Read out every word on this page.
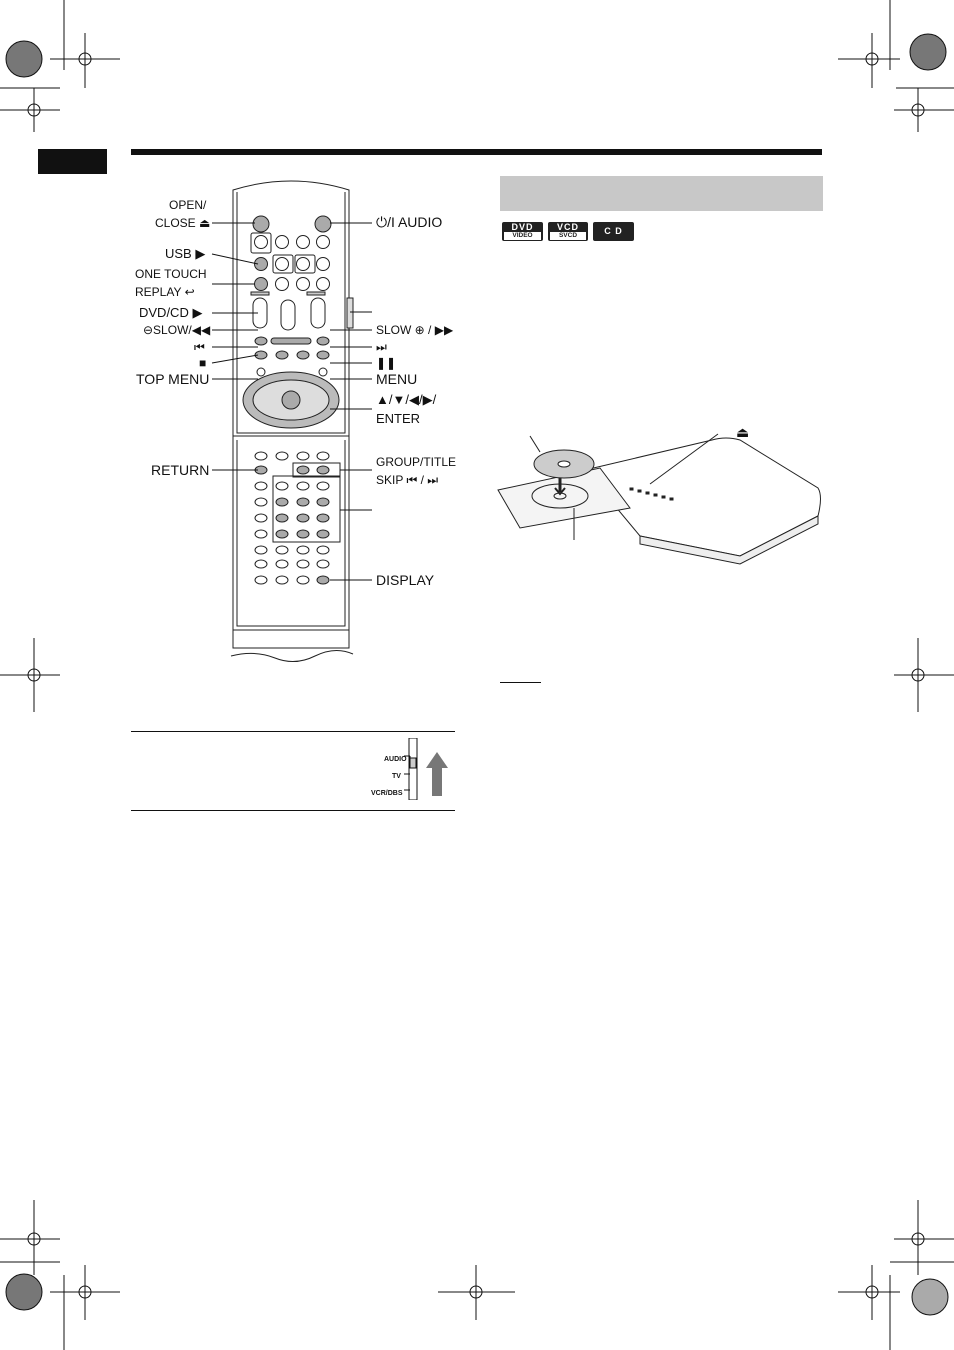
OPEN/
CLOSE ⏏	⏻/I AUDIO
USB ▶
ONE TOUCH
REPLAY ↩
DVD/CD ▶
⊖SLOW/◀◀	SLOW ⊕ / ▶▶
⏮	⏭
■	❚❚
TOP MENU	MENU
▲/▼/◀/▶/
ENTER
RETURN	GROUP/TITLE
SKIP ⏮ / ⏭
DISPLAY
AUDIO
TV
VCR/DBS
DVD
VIDEO
VCD
SVCD	C D
⏏
